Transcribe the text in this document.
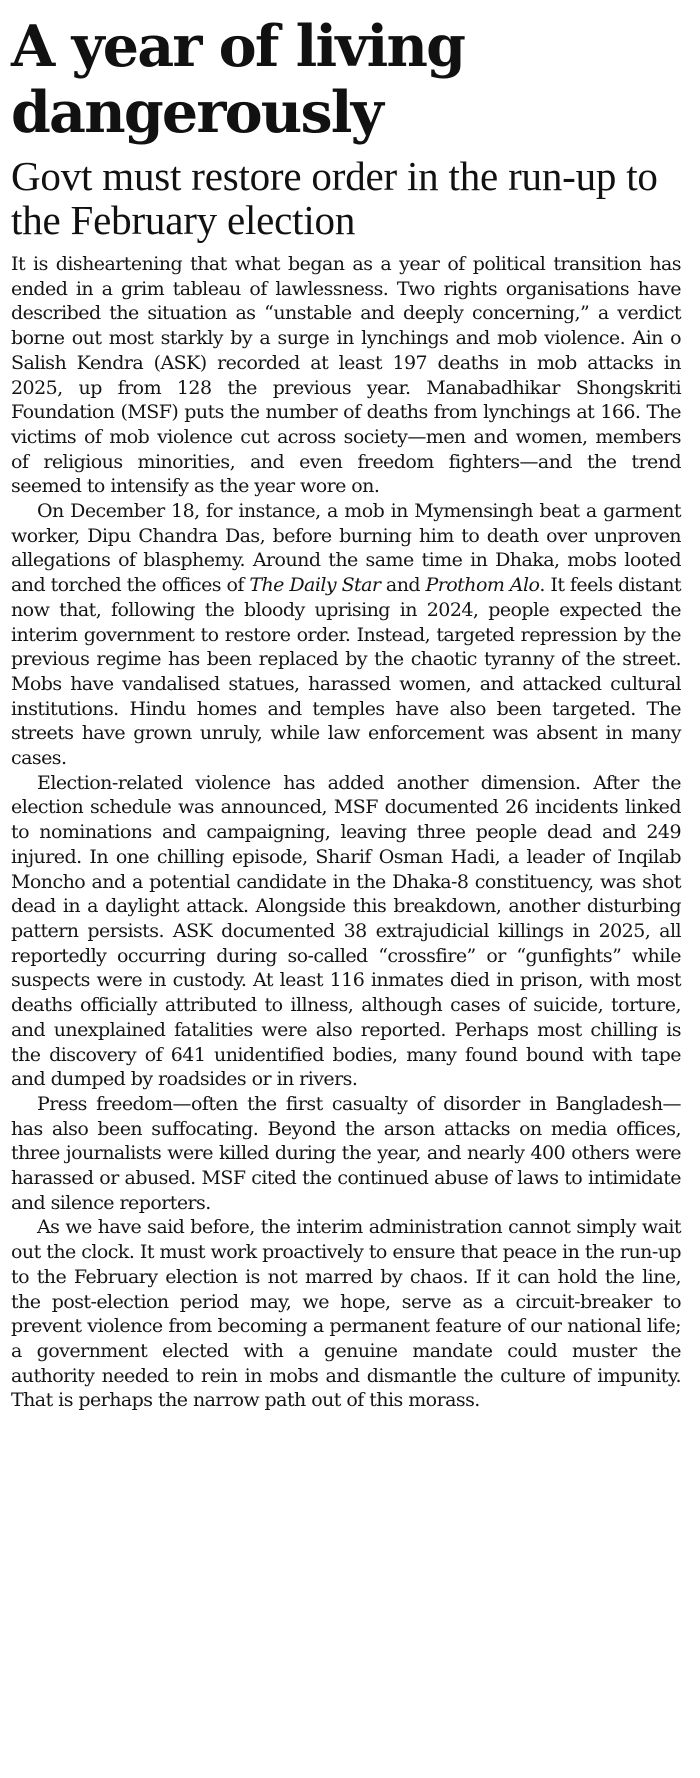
A year of living dangerously
Govt must restore order in the run-up to the February election

It is disheartening that what began as a year of political transition has ended in a grim tableau of lawlessness. Two rights organisations have described the situation as “unstable and deeply concerning,” a verdict borne out most starkly by a surge in lynchings and mob violence. Ain o Salish Kendra (ASK) recorded at least 197 deaths in mob attacks in 2025, up from 128 the previous year. Manabadhikar Shongskriti Foundation (MSF) puts the number of deaths from lynchings at 166. The victims of mob violence cut across society—men and women, members of religious minorities, and even freedom fighters—and the trend seemed to intensify as the year wore on.

On December 18, for instance, a mob in Mymensingh beat a garment worker, Dipu Chandra Das, before burning him to death over unproven allegations of blasphemy. Around the same time in Dhaka, mobs looted and torched the offices of The Daily Star and Prothom Alo. It feels distant now that, following the bloody uprising in 2024, people expected the interim government to restore order. Instead, targeted repression by the previous regime has been replaced by the chaotic tyranny of the street. Mobs have vandalised statues, harassed women, and attacked cultural institutions. Hindu homes and temples have also been targeted. The streets have grown unruly, while law enforcement was absent in many cases.

Election-related violence has added another dimension. After the election schedule was announced, MSF documented 26 incidents linked to nominations and campaigning, leaving three people dead and 249 injured. In one chilling episode, Sharif Osman Hadi, a leader of Inqilab Moncho and a potential candidate in the Dhaka-8 constituency, was shot dead in a daylight attack. Alongside this breakdown, another disturbing pattern persists. ASK documented 38 extrajudicial killings in 2025, all reportedly occurring during so-called “crossfire” or “gunfights” while suspects were in custody. At least 116 inmates died in prison, with most deaths officially attributed to illness, although cases of suicide, torture, and unexplained fatalities were also reported. Perhaps most chilling is the discovery of 641 unidentified bodies, many found bound with tape and dumped by roadsides or in rivers.

Press freedom—often the first casualty of disorder in Bangladesh—has also been suffocating. Beyond the arson attacks on media offices, three journalists were killed during the year, and nearly 400 others were harassed or abused. MSF cited the continued abuse of laws to intimidate and silence reporters.

As we have said before, the interim administration cannot simply wait out the clock. It must work proactively to ensure that peace in the run-up to the February election is not marred by chaos. If it can hold the line, the post-election period may, we hope, serve as a circuit-breaker to prevent violence from becoming a permanent feature of our national life; a government elected with a genuine mandate could muster the authority needed to rein in mobs and dismantle the culture of impunity. That is perhaps the narrow path out of this morass.
